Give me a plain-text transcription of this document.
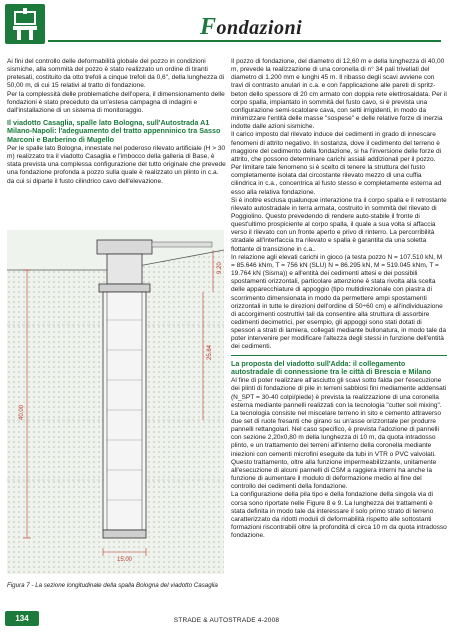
Fondazioni

Ai fini del controllo delle deformabilità globale del pozzo in condizioni sismiche, alla sommità del pozzo è stato realizzato un ordine di tiranti pretesati, costituito da otto trefoli a cinque trefoli da 0,6", della lunghezza di 50,00 m, di cui 15 relativi al tratto di fondazione.

Per la complessità delle problematiche dell'opera, il dimensionamento delle fondazioni è stato preceduto da un'estesa campagna di indagini e dall'installazione di un sistema di monitoraggio.

Il viadotto Casaglia, spalle lato Bologna, sull'Autostrada A1 Milano-Napoli: l'adeguamento del tratto appenninico tra Sasso Marconi e Barberino di Mugello

Per le spalle lato Bologna, innestate nel poderoso rilevato artificiale (H > 30 m) realizzato tra il viadotto Casaglia e l'imbocco della galleria di Base, è stata prevista una complessa configurazione del tutto originale che prevede una fondazione profonda a pozzo sulla quale è realizzato un plinto in c.a. da cui si diparte il fusto cilindrico cavo dell'elevazione.

40.00
15.00
9.20
25.84
Figura 7 - La sezione longitudinale della spalla Bologna del viadotto Casaglia

Il pozzo di fondazione, del diametro di 12,60 m e della lunghezza di 40,00 m, prevede la realizzazione di una coronella di n° 34 pali trivellati del diametro di 1.200 mm e lunghi 45 m. Il ribasso degli scavi avviene con travi di contrasto anulari in c.a. e con l'applicazione alle pareti di spritz-beton dello spessore di 20 cm armato con doppia rete elettrosaldata. Per il corpo spalla, impiantato in sommità del fusto cavo, si è prevista una configurazione semi-scatolare cava, con setti irrigidenti, in modo da minimizzare l'entità delle masse "sospese" e delle relative forze di inerzia indotte dalle azioni sismiche.

Il carico imposto dal rilevato induce dei cedimenti in grado di innescare fenomeni di attrito negativo. In sostanza, dove il cedimento del terreno è maggiore del cedimento della fondazione, si ha l'inversione delle forze di attrito, che possono determinare carichi assiali addizionali per il pozzo. Per limitare tale fenomeno si è scelto di tenere la struttura del fusto completamente isolata dal circostante rilevato mezzo di una cuffia cilindrica in c.a., concentrica al fusto stesso e completamente esterna ad esso alla relativa fondazione.

Si è inoltre esclusa qualunque interazione tra il corpo spalla e il retrostante rilevato autostradale in terra armata, costruito in sommità del rilevato di Poggiolino. Questo prevedendo di rendere auto-stabile il fronte di quest'ultimo prospiciente al corpo spalla, il quale a sua volta si affaccia verso il rilevato con un fronte aperto e privo di rinterro. La percorribilità stradale all'interfaccia tra rilevato e spalla è garantita da una soletta flottante di transizione in c.a..

In relazione agli elevati carichi in gioco (a testa pozzo N = 107.510 kN, M = 85.646 kNm, T = 756 kN (SLU) N = 86.295 kN, M = 519.045 kNm, T = 19.764 kN (Sisma)) e all'entità dei cedimenti attesi e dei possibili spostamenti orizzontali, particolare attenzione è stata rivolta alla scelta delle apparecchiature di appoggio (tipo multidirezionale con piastra di scorrimento dimensionata in modo da permettere ampi spostamenti orizzontali in tutte le direzioni dell'ordine di 50÷60 cm) e all'individuazione di accorgimenti costruttivi tali da consentire alla struttura di assorbire cedimenti decimetrici, per esempio, gli appoggi sono stati dotati di spessori a strati di lamiera, collegati mediante bullonatura, in modo tale da poter intervenire per modificare l'altezza degli stessi in funzione dell'entità dei cedimenti.

La proposta del viadotto sull'Adda: il collegamento autostradale di connessione tra le città di Brescia e Milano

Al fine di poter realizzare all'asciutto gli scavi sotto falda per l'esecuzione dei plinti di fondazione di pile in terreni sabbiosi fini mediamente addensati (N_SPT = 30-40 colpi/piede) è prevista la realizzazione di una coronella esterna mediante pannelli realizzati con la tecnologia "cutter soil mixing". La tecnologia consiste nel miscelare terreno in sito e cemento attraverso due set di ruote fresanti che girano su un'asse orizzontale per produrre pannelli rettangolari. Nel caso specifico, è prevista l'adozione di pannelli con sezione 2,20x0,80 m della lunghezza di 10 m, da quota intradosso plinto, e un trattamento dei terreni all'interno della coronella mediante iniezioni con cementi microfini eseguite da tubi in VTR o PVC valvolati. Questo trattamento, oltre alla funzione impermeabilizzante, unitamente all'esecuzione di alcuni pannelli di CSM a raggiera interni ha anche la funzione di aumentare il modulo di deformazione medio al fine del controllo dei cedimenti della fondazione.

La configurazione della pila tipo e della fondazione della singola via di corsa sono riportate nelle Figure 8 e 9. La lunghezza dei trattamenti è stata definita in modo tale da interessare il solo primo strato di terreno caratterizzato da ridotti moduli di deformabilità rispetto alle sottostanti formazioni riscontrabili oltre la profondità di circa 10 m da quota intradosso fondazione.

134	STRADE & AUTOSTRADE 4-2008
